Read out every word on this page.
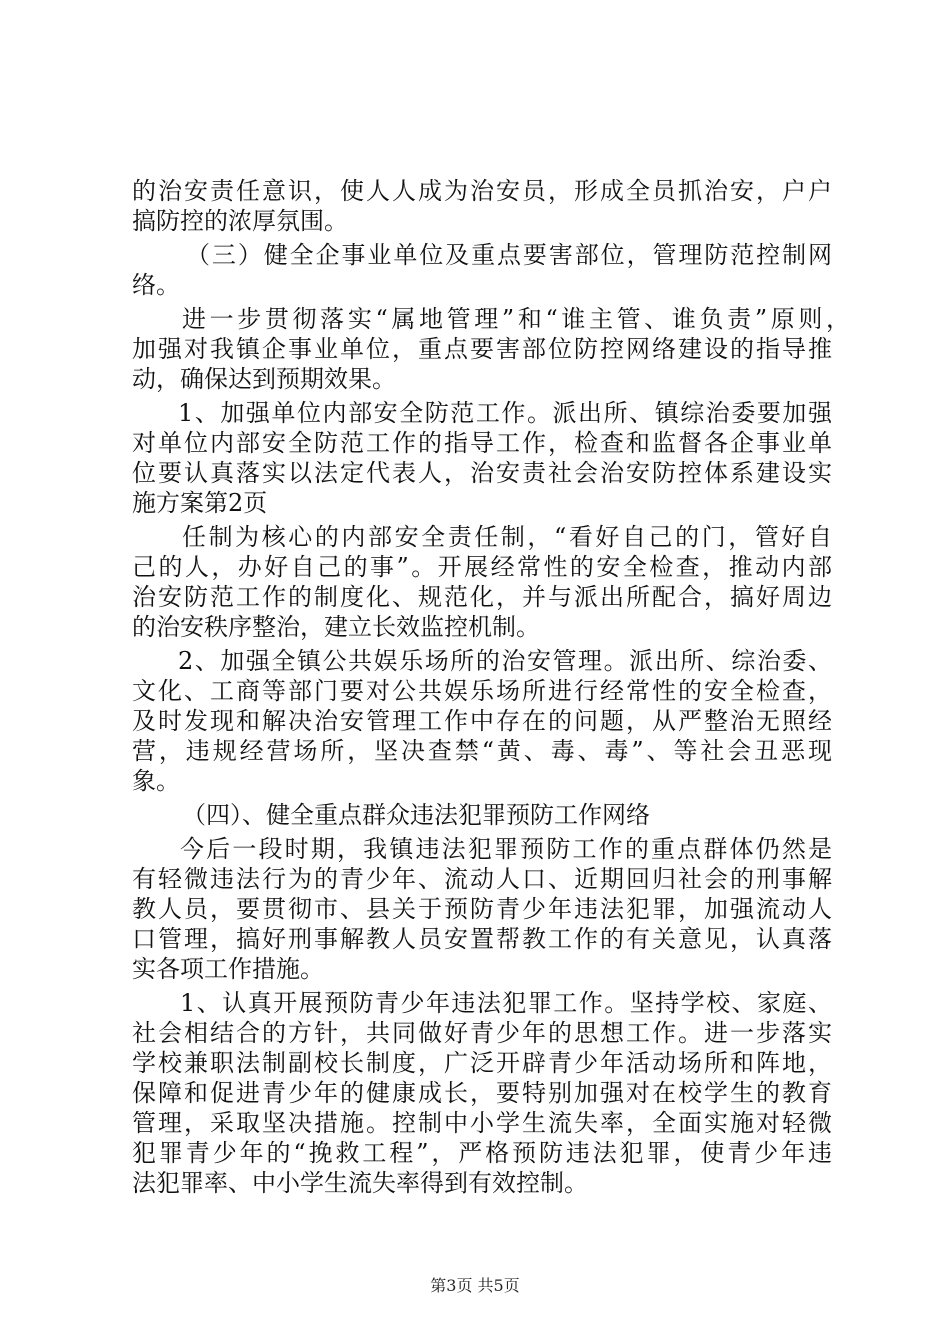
的治安责任意识，使人人成为治安员，形成全员抓治安，户户
搞防控的浓厚氛围。
（三）健全企事业单位及重点要害部位，管理防范控制网
络。
进一步贯彻落实“属地管理”和“谁主管、谁负责”原则，
加强对我镇企事业单位，重点要害部位防控网络建设的指导推
动，确保达到预期效果。
1、加强单位内部安全防范工作。派出所、镇综治委要加强
对单位内部安全防范工作的指导工作，检查和监督各企事业单
位要认真落实以法定代表人，治安责社会治安防控体系建设实
施方案第2页
任制为核心的内部安全责任制，“看好自己的门，管好自
己的人，办好自己的事”。开展经常性的安全检查，推动内部
治安防范工作的制度化、规范化，并与派出所配合，搞好周边
的治安秩序整治，建立长效监控机制。
2、加强全镇公共娱乐场所的治安管理。派出所、综治委、
文化、工商等部门要对公共娱乐场所进行经常性的安全检查，
及时发现和解决治安管理工作中存在的问题，从严整治无照经
营，违规经营场所，坚决查禁“黄、毒、毒”、等社会丑恶现
象。
（四）、健全重点群众违法犯罪预防工作网络
今后一段时期，我镇违法犯罪预防工作的重点群体仍然是
有轻微违法行为的青少年、流动人口、近期回归社会的刑事解
教人员，要贯彻市、县关于预防青少年违法犯罪，加强流动人
口管理，搞好刑事解教人员安置帮教工作的有关意见，认真落
实各项工作措施。
1、认真开展预防青少年违法犯罪工作。坚持学校、家庭、
社会相结合的方针，共同做好青少年的思想工作。进一步落实
学校兼职法制副校长制度，广泛开辟青少年活动场所和阵地，
保障和促进青少年的健康成长，要特别加强对在校学生的教育
管理，采取坚决措施。控制中小学生流失率，全面实施对轻微
犯罪青少年的“挽救工程”，严格预防违法犯罪，使青少年违
法犯罪率、中小学生流失率得到有效控制。
第3页 共5页
